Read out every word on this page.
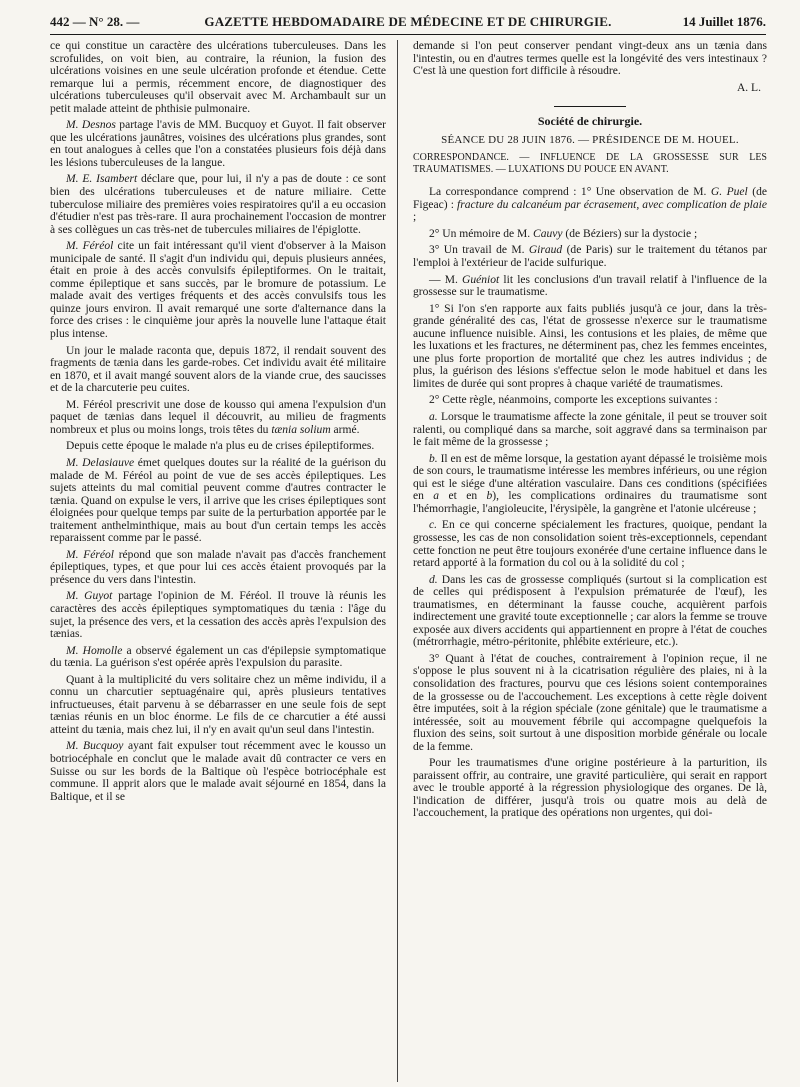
442 — N° 28. —	GAZETTE HEBDOMADAIRE DE MÉDECINE ET DE CHIRURGIE.	14 Juillet 1876.

ce qui constitue un caractère des ulcérations tuberculeuses. Dans les scrofulides, on voit bien, au contraire, la réunion, la fusion des ulcérations voisines en une seule ulcération profonde et étendue. Cette remarque lui a permis, récemment encore, de diagnostiquer des ulcérations tuberculeuses qu'il observait avec M. Archambault sur un petit malade atteint de phthisie pulmonaire.

M. Desnos partage l'avis de MM. Bucquoy et Guyot. Il fait observer que les ulcérations jaunâtres, voisines des ulcérations plus grandes, sont en tout analogues à celles que l'on a constatées plusieurs fois déjà dans les lésions tuberculeuses de la langue.

M. E. Isambert déclare que, pour lui, il n'y a pas de doute : ce sont bien des ulcérations tuberculeuses et de nature miliaire. Cette tuberculose miliaire des premières voies respiratoires qu'il a eu occasion d'étudier n'est pas très-rare. Il aura prochainement l'occasion de montrer à ses collègues un cas très-net de tubercules miliaires de l'épiglotte.

M. Féréol cite un fait intéressant qu'il vient d'observer à la Maison municipale de santé. Il s'agit d'un individu qui, depuis plusieurs années, était en proie à des accès convulsifs épileptiformes. On le traitait, comme épileptique et sans succès, par le bromure de potassium. Le malade avait des vertiges fréquents et des accès convulsifs tous les quinze jours environ. Il avait remarqué une sorte d'alternance dans la force des crises : le cinquième jour après la nouvelle lune l'attaque était plus intense.

Un jour le malade raconta que, depuis 1872, il rendait souvent des fragments de tænia dans les garde-robes. Cet individu avait été militaire en 1870, et il avait mangé souvent alors de la viande crue, des saucisses et de la charcuterie peu cuites.

M. Féréol prescrivit une dose de kousso qui amena l'expulsion d'un paquet de tænias dans lequel il découvrit, au milieu de fragments nombreux et plus ou moins longs, trois têtes du tænia solium armé.

Depuis cette époque le malade n'a plus eu de crises épileptiformes.

M. Delasiauve émet quelques doutes sur la réalité de la guérison du malade de M. Féréol au point de vue de ses accès épileptiques. Les sujets atteints du mal comitial peuvent comme d'autres contracter le tænia. Quand on expulse le vers, il arrive que les crises épileptiques sont éloignées pour quelque temps par suite de la perturbation apportée par le traitement anthelminthique, mais au bout d'un certain temps les accès reparaissent comme par le passé.

M. Féréol répond que son malade n'avait pas d'accès franchement épileptiques, types, et que pour lui ces accès étaient provoqués par la présence du vers dans l'intestin.

M. Guyot partage l'opinion de M. Féréol. Il trouve là réunis les caractères des accès épileptiques symptomatiques du tænia : l'âge du sujet, la présence des vers, et la cessation des accès après l'expulsion des tænias.

M. Homolle a observé également un cas d'épilepsie symptomatique du tænia. La guérison s'est opérée après l'expulsion du parasite.

Quant à la multiplicité du vers solitaire chez un même individu, il a connu un charcutier septuagénaire qui, après plusieurs tentatives infructueuses, était parvenu à se débarrasser en une seule fois de sept tænias réunis en un bloc énorme. Le fils de ce charcutier a été aussi atteint du tænia, mais chez lui, il n'y en avait qu'un seul dans l'intestin.

M. Bucquoy ayant fait expulser tout récemment avec le kousso un botriocéphale en conclut que le malade avait dû contracter ce vers en Suisse ou sur les bords de la Baltique où l'espèce botriocéphale est commune. Il apprit alors que le malade avait séjourné en 1854, dans la Baltique, et il se

demande si l'on peut conserver pendant vingt-deux ans un tænia dans l'intestin, ou en d'autres termes quelle est la longévité des vers intestinaux ? C'est là une question fort difficile à résoudre.

A. L.

Société de chirurgie.

SÉANCE DU 28 JUIN 1876. — PRÉSIDENCE DE M. HOUEL.

CORRESPONDANCE. — INFLUENCE DE LA GROSSESSE SUR LES TRAUMATISMES. — LUXATIONS DU POUCE EN AVANT.

La correspondance comprend : 1° Une observation de M. G. Puel (de Figeac) : fracture du calcanéum par écrasement, avec complication de plaie ;

2° Un mémoire de M. Cauvy (de Béziers) sur la dystocie ;

3° Un travail de M. Giraud (de Paris) sur le traitement du tétanos par l'emploi à l'extérieur de l'acide sulfurique.

— M. Guéniot lit les conclusions d'un travail relatif à l'influence de la grossesse sur le traumatisme.

1° Si l'on s'en rapporte aux faits publiés jusqu'à ce jour, dans la très-grande généralité des cas, l'état de grossesse n'exerce sur le traumatisme aucune influence nuisible. Ainsi, les contusions et les plaies, de même que les luxations et les fractures, ne déterminent pas, chez les femmes enceintes, une plus forte proportion de mortalité que chez les autres individus ; de plus, la guérison des lésions s'effectue selon le mode habituel et dans les limites de durée qui sont propres à chaque variété de traumatismes.

2° Cette règle, néanmoins, comporte les exceptions suivantes :

a. Lorsque le traumatisme affecte la zone génitale, il peut se trouver soit ralenti, ou compliqué dans sa marche, soit aggravé dans sa terminaison par le fait même de la grossesse ;

b. Il en est de même lorsque, la gestation ayant dépassé le troisième mois de son cours, le traumatisme intéresse les membres inférieurs, ou une région qui est le siége d'une altération vasculaire. Dans ces conditions (spécifiées en a et en b), les complications ordinaires du traumatisme sont l'hémorrhagie, l'angioleucite, l'érysipèle, la gangrène et l'atonie ulcéreuse ;

c. En ce qui concerne spécialement les fractures, quoique, pendant la grossesse, les cas de non consolidation soient très-exceptionnels, cependant cette fonction ne peut être toujours exonérée d'une certaine influence dans le retard apporté à la formation du col ou à la solidité du col ;

d. Dans les cas de grossesse compliqués (surtout si la complication est de celles qui prédisposent à l'expulsion prématurée de l'œuf), les traumatismes, en déterminant la fausse couche, acquièrent parfois indirectement une gravité toute exceptionnelle ; car alors la femme se trouve exposée aux divers accidents qui appartiennent en propre à l'état de couches (métrorrhagie, métro-péritonite, phlébite extérieure, etc.).

3° Quant à l'état de couches, contrairement à l'opinion reçue, il ne s'oppose le plus souvent ni à la cicatrisation régulière des plaies, ni à la consolidation des fractures, pourvu que ces lésions soient contemporaines de la grossesse ou de l'accouchement. Les exceptions à cette règle doivent être imputées, soit à la région spéciale (zone génitale) que le traumatisme a intéressée, soit au mouvement fébrile qui accompagne quelquefois la fluxion des seins, soit surtout à une disposition morbide générale ou locale de la femme.

Pour les traumatismes d'une origine postérieure à la parturition, ils paraissent offrir, au contraire, une gravité particulière, qui serait en rapport avec le trouble apporté à la régression physiologique des organes. De là, l'indication de différer, jusqu'à trois ou quatre mois au delà de l'accouchement, la pratique des opérations non urgentes, qui doi-
